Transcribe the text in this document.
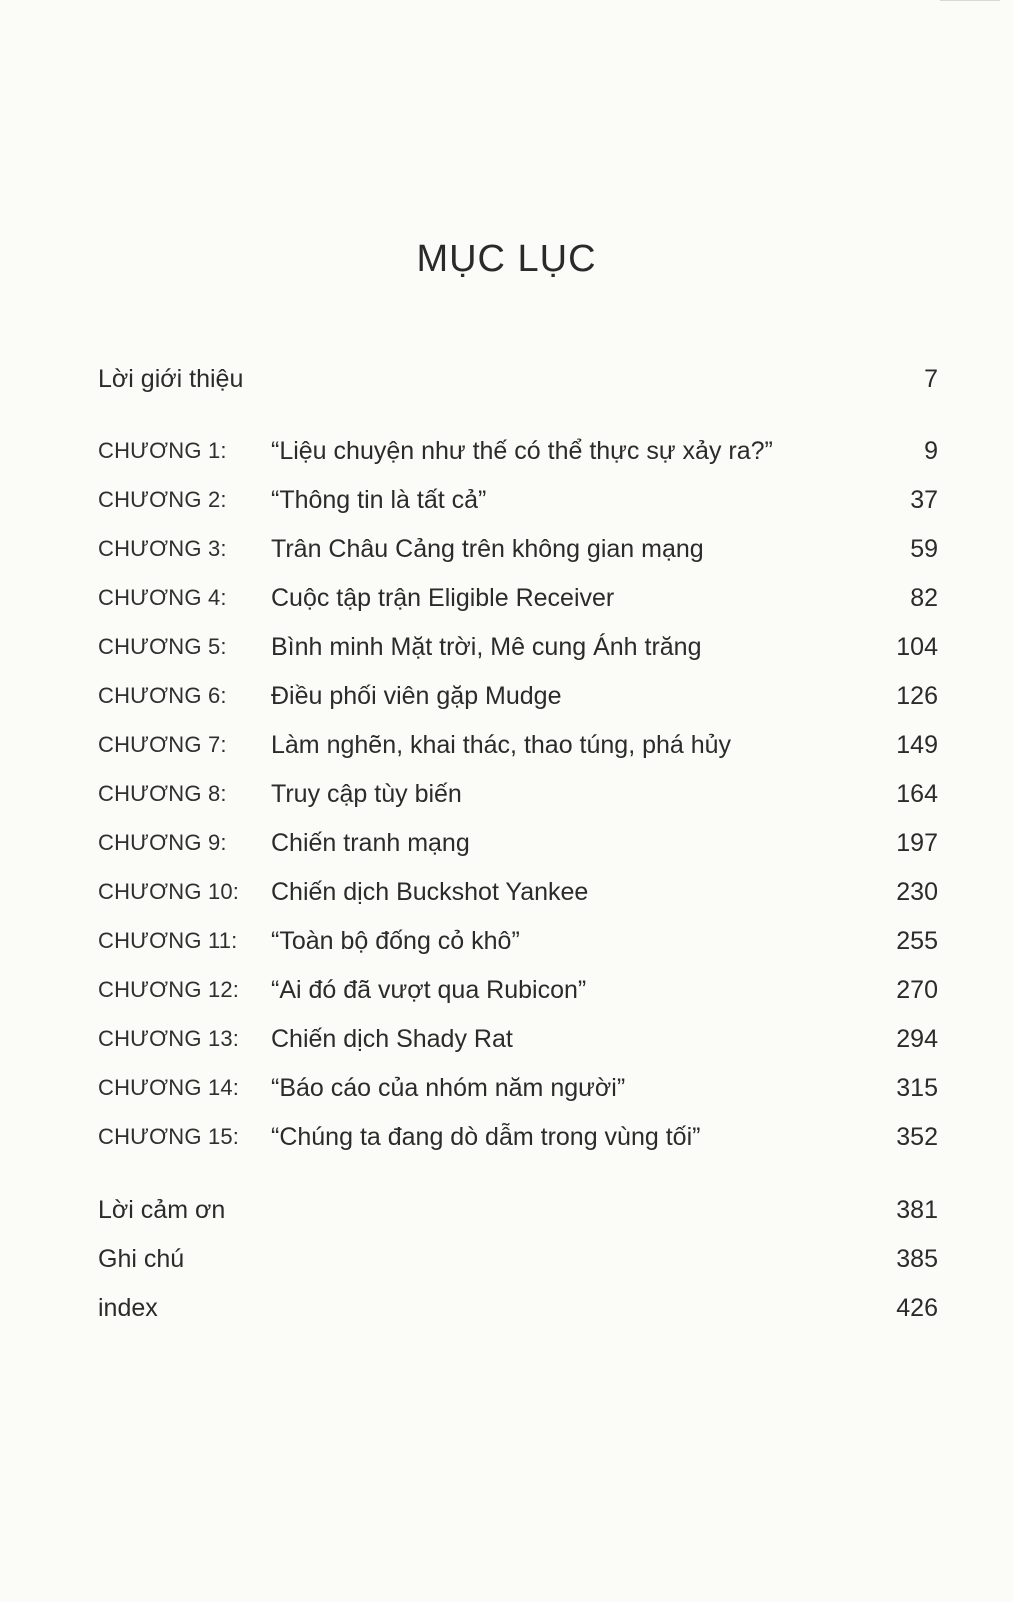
MỤC LỤC
Lời giới thiệu	7
CHƯƠNG 1: “Liệu chuyện như thế có thể thực sự xảy ra?”	9
CHƯƠNG 2: “Thông tin là tất cả”	37
CHƯƠNG 3: Trân Châu Cảng trên không gian mạng	59
CHƯƠNG 4: Cuộc tập trận Eligible Receiver	82
CHƯƠNG 5: Bình minh Mặt trời, Mê cung Ánh trăng	104
CHƯƠNG 6: Điều phối viên gặp Mudge	126
CHƯƠNG 7: Làm nghẽn, khai thác, thao túng, phá hủy	149
CHƯƠNG 8: Truy cập tùy biến	164
CHƯƠNG 9: Chiến tranh mạng	197
CHƯƠNG 10: Chiến dịch Buckshot Yankee	230
CHƯƠNG 11: “Toàn bộ đống cỏ khô”	255
CHƯƠNG 12: “Ai đó đã vượt qua Rubicon”	270
CHƯƠNG 13: Chiến dịch Shady Rat	294
CHƯƠNG 14: “Báo cáo của nhóm năm người”	315
CHƯƠNG 15: “Chúng ta đang dò dẫm trong vùng tối”	352
Lời cảm ơn	381
Ghi chú	385
index	426
